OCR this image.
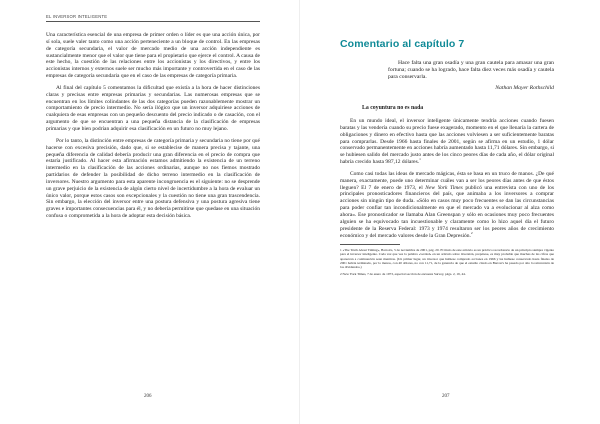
EL INVERSOR INTELIGENTE

Una característica esencial de una empresa de primer orden o líder es que una acción única, por sí sola, suele valer tanto como una acción perteneciente a un bloque de control. En las empresas de categoría secundaria, el valor de mercado medio de una acción independiente es sustancialmente menor que el valor que tiene para el propietario que ejerce el control. A causa de este hecho, la cuestión de las relaciones entre los accionistas y los directivos, y entre los accionistas internos y externos suele ser mucho más importante y controvertida en el caso de las empresas de categoría secundaria que en el caso de las empresas de categoría primaria.

Al final del capítulo 5 comentamos la dificultad que existía a la hora de hacer distinciones claras y precisas entre empresas primarias y secundarias. Las numerosas empresas que se encuentran en los límites colindantes de las dos categorías pueden razonablemente mostrar un comportamiento de precio intermedio. No sería ilógico que un inversor adquiriese acciones de cualquiera de esas empresas con un pequeño descuento del precio indicado o de casación, con el argumento de que se encuentran a una pequeña distancia de la clasificación de empresas primarias y que bien podrían adquirir esa clasificación en un futuro no muy lejano.

Por lo tanto, la distinción entre empresas de categoría primaria y secundaria no tiene por qué hacerse con excesiva precisión, dado que, si se establecise de manera precisa y tajante, una pequeña diferencia de calidad debería producir una gran diferencia en el precio de compra que estaría justificado. Al hacer esta afirmación estamos admitiendo la existencia de un terreno intermedio en la clasificación de las acciones ordinarias, aunque no nos fiemos mostrado partidarios de defender la posibilidad de dicho terreno intermedio en la clasificación de inversores. Nuestro argumento para esta aparente incongruencia es el siguiente: no se desprende un grave perjuicio de la existencia de algún cierto nivel de incertidumbre a la hora de evaluar un único valor, porque estos casos son excepcionales y la cuestión no tiene una gran trascendencia. Sin embargo, la elección del inversor entre una postura defensiva y una postura agresiva tiene graves e importantes consecuencias para él, y no debería permitirse que quedase en una situación confusa o comprometida a la hora de adoptar esta decisión básica.

206
Comentario al capítulo 7

Hace falta una gran osadía y una gran cautela para amasar una gran fortuna; cuando se ha logrado, hace falta diez veces más osadía y cautela para conservarla.

Nathan Mayer Rothschild

La coyuntura no es nada

En un mundo ideal, el inversor inteligente únicamente tendría acciones cuando fuesen baratas y las vendería cuando su precio fuese exagerado, momento en el que llenaría la cartera de obligaciones y dinero en efectivo hasta que las acciones volviesen a ser suficientemente baratas para comprarlas. Desde 1966 hasta finales de 2001, según se afirma en un estudio, 1 dólar conservado permanentemente en acciones habría aumentado hasta 11,71 dólares. Sin embargo, si se hubiesen salido del mercado justo antes de los cinco peores días de cada año, el dólar original habría crecido hasta 987,12 dólares.$^1$

Como casi todas las ideas de mercado mágicas, ésta se basa en un truco de manos. ¿De qué manera, exactamente, puede uno determinar cuáles van a ser los peores días antes de que éstos lleguen? El 7 de enero de 1973, el New York Times publicó una entrevista con uno de los principales pronosticadores financieros del país, que animaba a los inversores a comprar acciones sin ningún tipo de duda. «Sólo en casos muy poco frecuentes se dan las circunstancias para poder confiar tan incondicionalmente en que el mercado va a evolucionar al alza como ahora». Ese pronosticador se llamaba Alan Greenspan y sólo en ocasiones muy poco frecuentes alguien se ha equivocado tan incuestionable y claramente como lo hizo aquel día el futuro presidente de la Reserva Federal: 1973 y 1974 resultaron ser los peores años de crecimiento económico y del mercado valores desde la Gran Depresión.$^2$

1 «The Truth About Timing», Barron's, 5 de noviembre de 2001, pág. 20. El título de este artículo es un práctico recordatorio de un principio siempre vigente para el inversor inteligente. Cada vez que vea la palabra «verdad» en un artículo sobre inversión, prepárese, es muy probable que muchas de las cifras que aparezcan a continuación sean mentiras. (Un primer lugar, un inversor que hubiese comprado acciones en 1966 y las hubiese conservado hasta finales de 2001 habría terminado, por lo menos, con 40 dólares, no con 11,71, de la ganancia de que el estudio citado en Barron's ha pasado por alto la reinversión de los dividendos.)

2 New York Times, 7 de enero de 1973, especial sección de encuesta Survey, págs. 2, 19, 44.

207
